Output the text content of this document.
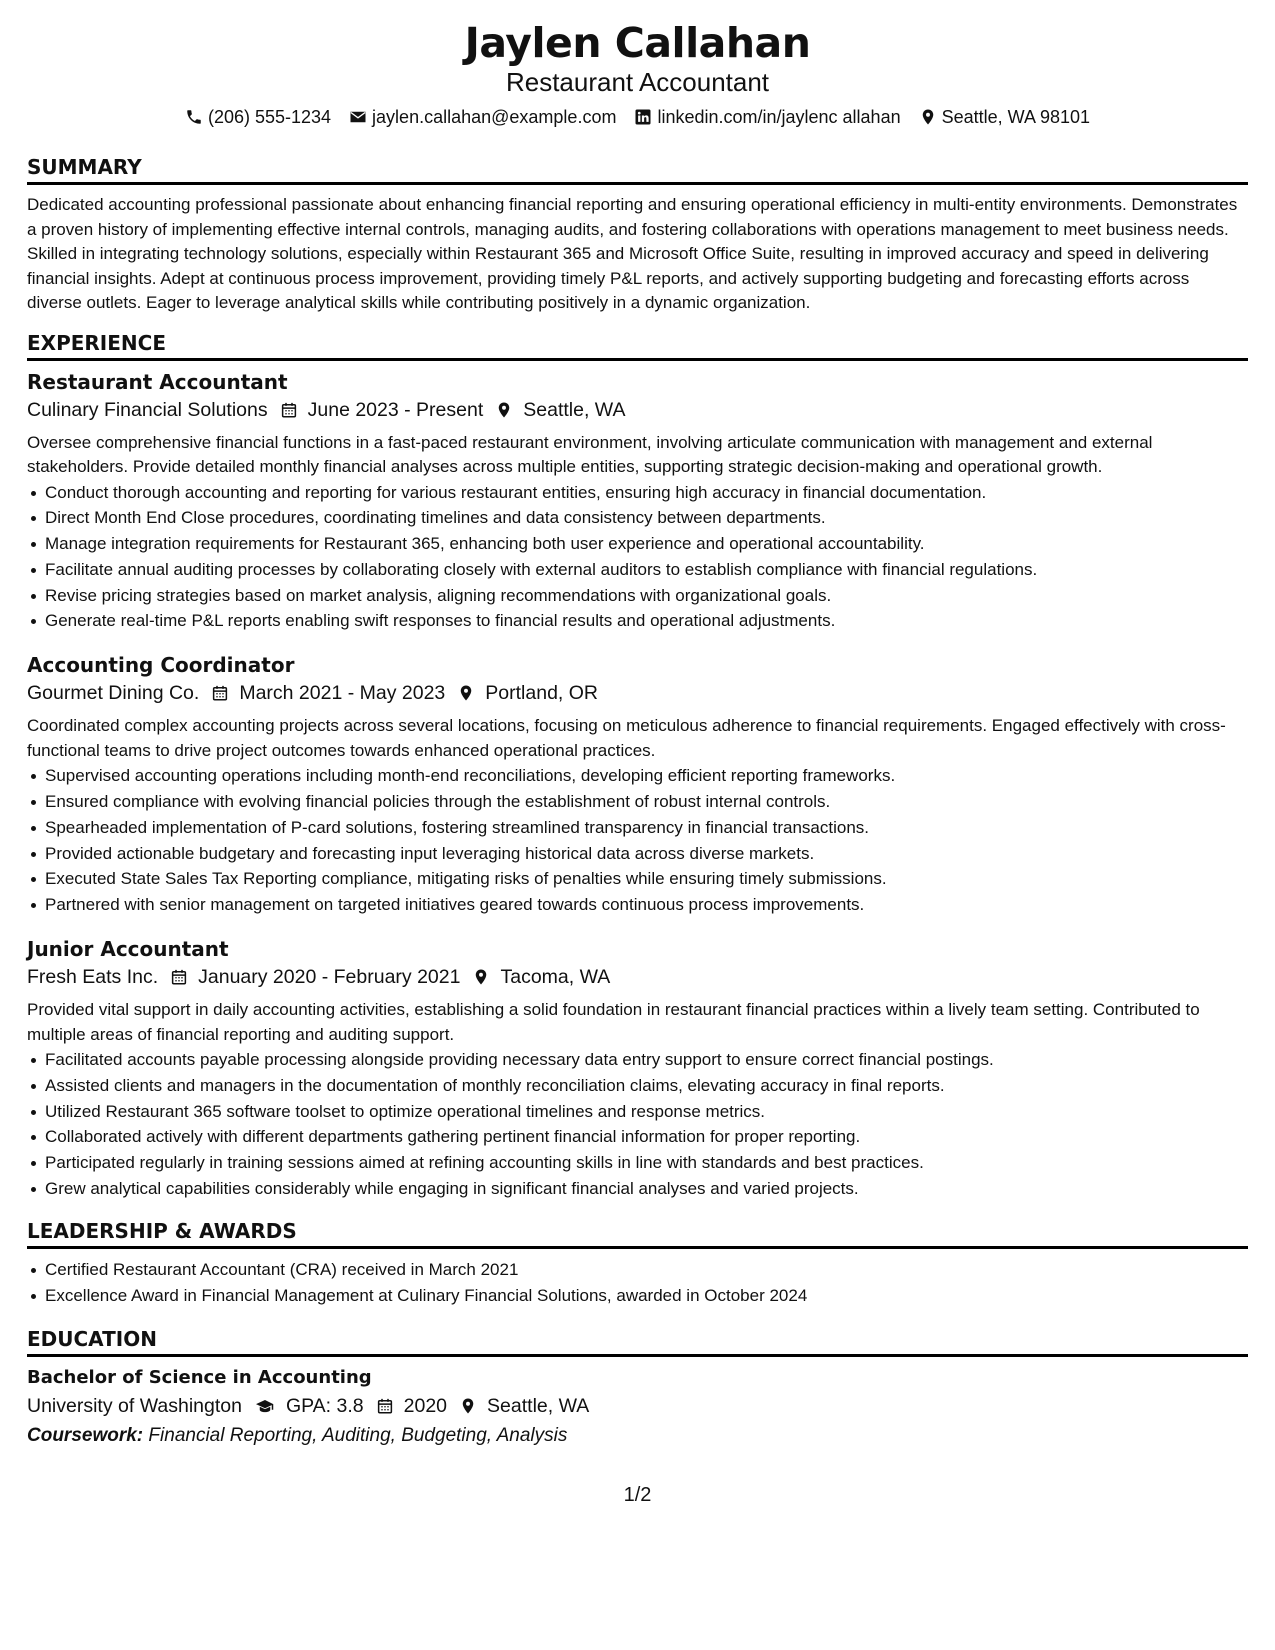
Jaylen Callahan
Restaurant Accountant
(206) 555-1234 jaylen.callahan@example.com linkedin.com/in/jaylenc allahan Seattle, WA 98101
SUMMARY

Dedicated accounting professional passionate about enhancing financial reporting and ensuring operational efficiency in multi-entity environments. Demonstrates a proven history of implementing effective internal controls, managing audits, and fostering collaborations with operations management to meet business needs. Skilled in integrating technology solutions, especially within Restaurant 365 and Microsoft Office Suite, resulting in improved accuracy and speed in delivering financial insights. Adept at continuous process improvement, providing timely P&L reports, and actively supporting budgeting and forecasting efforts across diverse outlets. Eager to leverage analytical skills while contributing positively in a dynamic organization.

EXPERIENCE
Restaurant Accountant
Culinary Financial Solutions June 2023 - Present Seattle, WA

Oversee comprehensive financial functions in a fast-paced restaurant environment, involving articulate communication with management and external stakeholders. Provide detailed monthly financial analyses across multiple entities, supporting strategic decision-making and operational growth.

Conduct thorough accounting and reporting for various restaurant entities, ensuring high accuracy in financial documentation.
Direct Month End Close procedures, coordinating timelines and data consistency between departments.
Manage integration requirements for Restaurant 365, enhancing both user experience and operational accountability.
Facilitate annual auditing processes by collaborating closely with external auditors to establish compliance with financial regulations.
Revise pricing strategies based on market analysis, aligning recommendations with organizational goals.
Generate real-time P&L reports enabling swift responses to financial results and operational adjustments.
Accounting Coordinator
Gourmet Dining Co. March 2021 - May 2023 Portland, OR

Coordinated complex accounting projects across several locations, focusing on meticulous adherence to financial requirements. Engaged effectively with cross-functional teams to drive project outcomes towards enhanced operational practices.

Supervised accounting operations including month-end reconciliations, developing efficient reporting frameworks.
Ensured compliance with evolving financial policies through the establishment of robust internal controls.
Spearheaded implementation of P-card solutions, fostering streamlined transparency in financial transactions.
Provided actionable budgetary and forecasting input leveraging historical data across diverse markets.
Executed State Sales Tax Reporting compliance, mitigating risks of penalties while ensuring timely submissions.
Partnered with senior management on targeted initiatives geared towards continuous process improvements.
Junior Accountant
Fresh Eats Inc. January 2020 - February 2021 Tacoma, WA

Provided vital support in daily accounting activities, establishing a solid foundation in restaurant financial practices within a lively team setting. Contributed to multiple areas of financial reporting and auditing support.

Facilitated accounts payable processing alongside providing necessary data entry support to ensure correct financial postings.
Assisted clients and managers in the documentation of monthly reconciliation claims, elevating accuracy in final reports.
Utilized Restaurant 365 software toolset to optimize operational timelines and response metrics.
Collaborated actively with different departments gathering pertinent financial information for proper reporting.
Participated regularly in training sessions aimed at refining accounting skills in line with standards and best practices.
Grew analytical capabilities considerably while engaging in significant financial analyses and varied projects.
LEADERSHIP & AWARDS
Certified Restaurant Accountant (CRA) received in March 2021
Excellence Award in Financial Management at Culinary Financial Solutions, awarded in October 2024
EDUCATION
Bachelor of Science in Accounting
University of Washington GPA: 3.8 2020 Seattle, WA
Coursework: Financial Reporting, Auditing, Budgeting, Analysis
1/2
